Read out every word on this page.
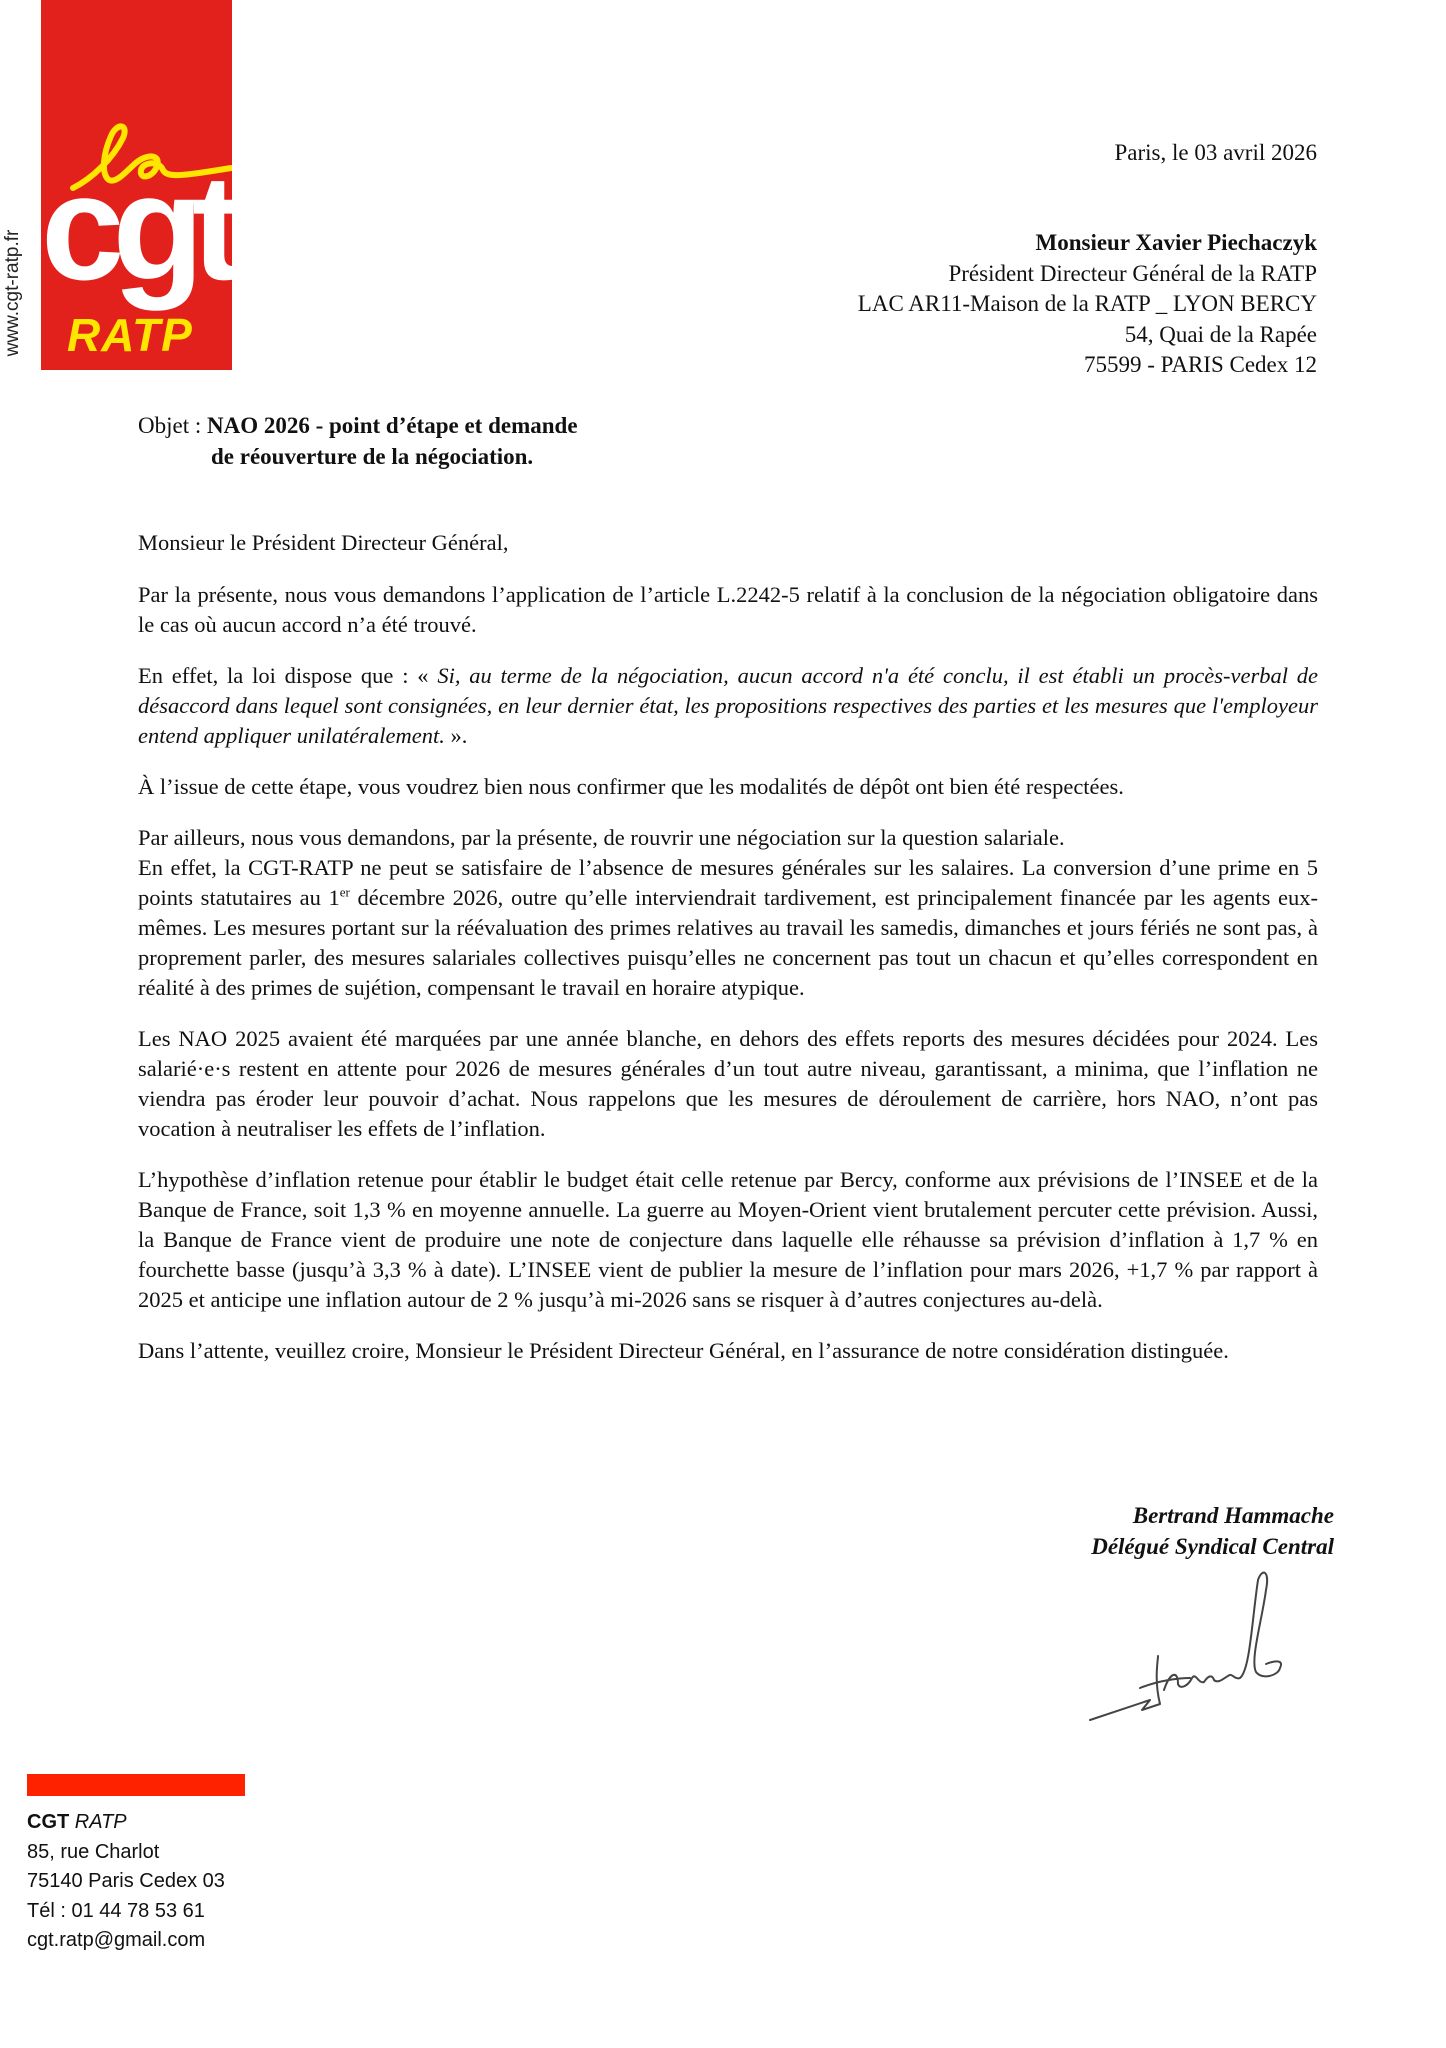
www.cgt-ratp.fr cgt
RATP
Paris, le 03 avril 2026
Monsieur Xavier Piechaczyk
Président Directeur Général de la RATP
LAC AR11-Maison de la RATP _ LYON BERCY
54, Quai de la Rapée
75599 - PARIS Cedex 12
Objet : NAO 2026 - point d’étape et demande
de réouverture de la négociation.

Monsieur le Président Directeur Général,

Par la présente, nous vous demandons l’application de l’article L.2242-5 relatif à la conclusion de la négociation obligatoire dans le cas où aucun accord n’a été trouvé.

En effet, la loi dispose que : « Si, au terme de la négociation, aucun accord n'a été conclu, il est établi un procès-verbal de désaccord dans lequel sont consignées, en leur dernier état, les propositions respectives des parties et les mesures que l'employeur entend appliquer unilatéralement. ».

À l’issue de cette étape, vous voudrez bien nous confirmer que les modalités de dépôt ont bien été respectées.

Par ailleurs, nous vous demandons, par la présente, de rouvrir une négociation sur la question salariale.

En effet, la CGT-RATP ne peut se satisfaire de l’absence de mesures générales sur les salaires. La conversion d’une prime en 5 points statutaires au 1er décembre 2026, outre qu’elle interviendrait tardivement, est principalement financée par les agents eux-mêmes. Les mesures portant sur la réévaluation des primes relatives au travail les samedis, dimanches et jours fériés ne sont pas, à proprement parler, des mesures salariales collectives puisqu’elles ne concernent pas tout un chacun et qu’elles correspondent en réalité à des primes de sujétion, compensant le travail en horaire atypique.

Les NAO 2025 avaient été marquées par une année blanche, en dehors des effets reports des mesures décidées pour 2024. Les salarié·e·s restent en attente pour 2026 de mesures générales d’un tout autre niveau, garantissant, a minima, que l’inflation ne viendra pas éroder leur pouvoir d’achat. Nous rappelons que les mesures de déroulement de carrière, hors NAO, n’ont pas vocation à neutraliser les effets de l’inflation.

L’hypothèse d’inflation retenue pour établir le budget était celle retenue par Bercy, conforme aux prévisions de l’INSEE et de la Banque de France, soit 1,3 % en moyenne annuelle. La guerre au Moyen-Orient vient brutalement percuter cette prévision. Aussi, la Banque de France vient de produire une note de conjecture dans laquelle elle réhausse sa prévision d’inflation à 1,7 % en fourchette basse (jusqu’à 3,3 % à date). L’INSEE vient de publier la mesure de l’inflation pour mars 2026, +1,7 % par rapport à 2025 et anticipe une inflation autour de 2 % jusqu’à mi-2026 sans se risquer à d’autres conjectures au-delà.

Dans l’attente, veuillez croire, Monsieur le Président Directeur Général, en l’assurance de notre considération distinguée.

Bertrand Hammache
Délégué Syndical Central
CGT RATP
85, rue Charlot
75140 Paris Cedex 03
Tél : 01 44 78 53 61
cgt.ratp@gmail.com
